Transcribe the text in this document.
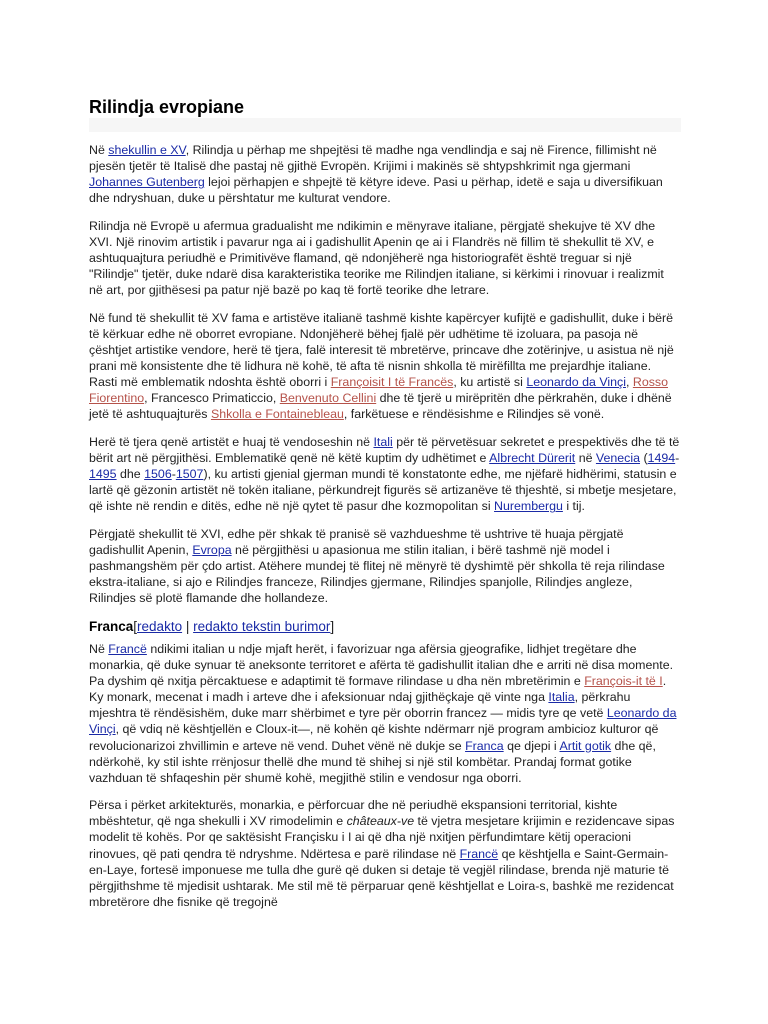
Rilindja evropiane

Në shekullin e XV, Rilindja u përhap me shpejtësi të madhe nga vendlindja e saj në Firence, fillimisht në pjesën tjetër të Italisë dhe pastaj në gjithë Evropën. Krijimi i makinës së shtypshkrimit nga gjermani Johannes Gutenberg lejoi përhapjen e shpejtë të këtyre ideve. Pasi u përhap, idetë e saja u diversifikuan dhe ndryshuan, duke u përshtatur me kulturat vendore.

Rilindja në Evropë u afermua gradualisht me ndikimin e mënyrave italiane, përgjatë shekujve të XV dhe XVI. Një rinovim artistik i pavarur nga ai i gadishullit Apenin qe ai i Flandrës në fillim të shekullit të XV, e ashtuquajtura periudhë e Primitivëve flamand, që ndonjëherë nga historiografët është treguar si një "Rilindje" tjetër, duke ndarë disa karakteristika teorike me Rilindjen italiane, si kërkimi i rinovuar i realizmit në art, por gjithësesi pa patur një bazë po kaq të fortë teorike dhe letrare.

Në fund të shekullit të XV fama e artistëve italianë tashmë kishte kapërcyer kufijtë e gadishullit, duke i bërë të kërkuar edhe në oborret evropiane. Ndonjëherë bëhej fjalë për udhëtime të izoluara, pa pasoja në çështjet artistike vendore, herë të tjera, falë interesit të mbretërve, princave dhe zotërinjve, u asistua në një prani më konsistente dhe të lidhura në kohë, të afta të nisnin shkolla të mirëfillta me prejardhje italiane. Rasti më emblematik ndoshta është oborri i Françoisit I të Francës, ku artistë si Leonardo da Vinçi, Rosso Fiorentino, Francesco Primaticcio, Benvenuto Cellini dhe të tjerë u mirëpritën dhe përkrahën, duke i dhënë jetë të ashtuquajturës Shkolla e Fontainebleau, farkëtuese e rëndësishme e Rilindjes së vonë.

Herë të tjera qenë artistët e huaj të vendoseshin në Itali për të përvetësuar sekretet e prespektivës dhe të të bërit art në përgjithësi. Emblematikë qenë në këtë kuptim dy udhëtimet e Albrecht Dürerit në Venecia (1494-1495 dhe 1506-1507), ku artisti gjenial gjerman mundi të konstatonte edhe, me njëfarë hidhërimi, statusin e lartë që gëzonin artistët në tokën italiane, përkundrejt figurës së artizanëve të thjeshtë, si mbetje mesjetare, që ishte në rendin e ditës, edhe në një qytet të pasur dhe kozmopolitan si Nurembergu i tij.

Përgjatë shekullit të XVI, edhe për shkak të pranisë së vazhdueshme të ushtrive të huaja përgjatë gadishullit Apenin, Evropa në përgjithësi u apasionua me stilin italian, i bërë tashmë një model i pashmangshëm për çdo artist. Atëhere mundej të flitej në mënyrë të dyshimtë për shkolla të reja rilindase ekstra-italiane, si ajo e Rilindjes franceze, Rilindjes gjermane, Rilindjes spanjolle, Rilindjes angleze, Rilindjes së plotë flamande dhe hollandeze.

Franca[redakto | redakto tekstin burimor]

Në Francë ndikimi italian u ndje mjaft herët, i favorizuar nga afërsia gjeografike, lidhjet tregëtare dhe monarkia, që duke synuar të aneksonte territoret e afërta të gadishullit italian dhe e arriti në disa momente. Pa dyshim që nxitja përcaktuese e adaptimit të formave rilindase u dha nën mbretërimin e François-it të I. Ky monark, mecenat i madh i arteve dhe i afeksionuar ndaj gjithëçkaje që vinte nga Italia, përkrahu mjeshtra të rëndësishëm, duke marr shërbimet e tyre për oborrin francez — midis tyre qe vetë Leonardo da Vinçi, që vdiq në kështjellën e Cloux-it—, në kohën që kishte ndërmarr një program ambicioz kulturor që revolucionarizoi zhvillimin e arteve në vend. Duhet vënë në dukje se Franca qe djepi i Artit gotik dhe që, ndërkohë, ky stil ishte rrënjosur thellë dhe mund të shihej si një stil kombëtar. Prandaj format gotike vazhduan të shfaqeshin për shumë kohë, megjithë stilin e vendosur nga oborri.

Përsa i përket arkitekturës, monarkia, e përforcuar dhe në periudhë ekspansioni territorial, kishte mbështetur, që nga shekulli i XV rimodelimin e châteaux-ve të vjetra mesjetare krijimin e rezidencave sipas modelit të kohës. Por qe saktësisht Françisku i I ai që dha një nxitjen përfundimtare këtij operacioni rinovues, që pati qendra të ndryshme. Ndërtesa e parë rilindase në Francë qe kështjella e Saint-Germain-en-Laye, fortesë imponuese me tulla dhe gurë që duken si detaje të vegjël rilindase, brenda një maturie të përgjithshme të mjedisit ushtarak. Me stil më të përparuar qenë kështjellat e Loira-s, bashkë me rezidencat mbretërore dhe fisnike që tregojnë
